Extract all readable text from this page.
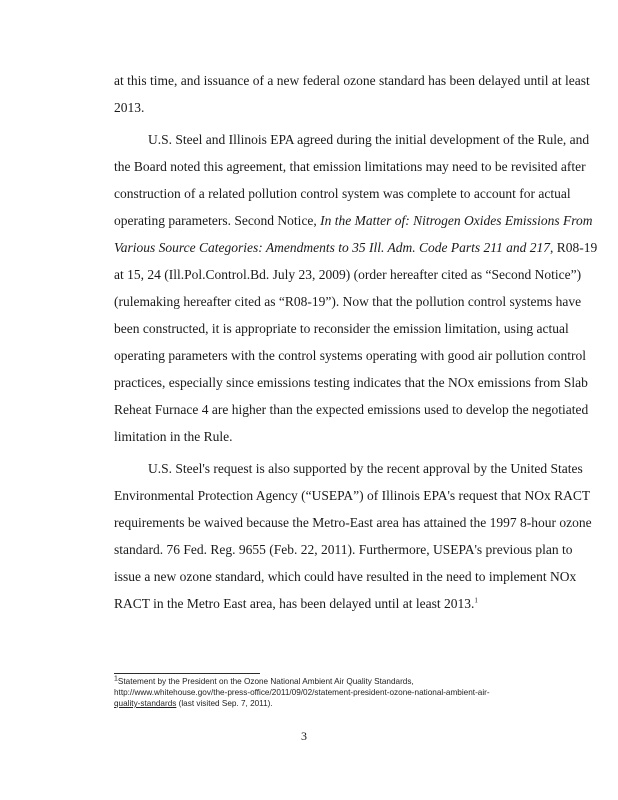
at this time, and issuance of a new federal ozone standard has been delayed until at least
2013.
U.S. Steel and Illinois EPA agreed during the initial development of the Rule, and
the Board noted this agreement, that emission limitations may need to be revisited after
construction of a related pollution control system was complete to account for actual
operating parameters. Second Notice, In the Matter of: Nitrogen Oxides Emissions From
Various Source Categories: Amendments to 35 Ill. Adm. Code Parts 211 and 217, R08-19
at 15, 24 (Ill.Pol.Control.Bd. July 23, 2009) (order hereafter cited as “Second Notice”)
(rulemaking hereafter cited as “R08-19”). Now that the pollution control systems have
been constructed, it is appropriate to reconsider the emission limitation, using actual
operating parameters with the control systems operating with good air pollution control
practices, especially since emissions testing indicates that the NOx emissions from Slab
Reheat Furnace 4 are higher than the expected emissions used to develop the negotiated
limitation in the Rule.
U.S. Steel's request is also supported by the recent approval by the United States
Environmental Protection Agency (“USEPA”) of Illinois EPA's request that NOx RACT
requirements be waived because the Metro-East area has attained the 1997 8-hour ozone
standard. 76 Fed. Reg. 9655 (Feb. 22, 2011). Furthermore, USEPA's previous plan to
issue a new ozone standard, which could have resulted in the need to implement NOx
RACT in the Metro East area, has been delayed until at least 2013.$^1$
1Statement by the President on the Ozone National Ambient Air Quality Standards,
http://www.whitehouse.gov/the-press-office/2011/09/02/statement-president-ozone-national-ambient-air-
quality-standards (last visited Sep. 7, 2011).
3
